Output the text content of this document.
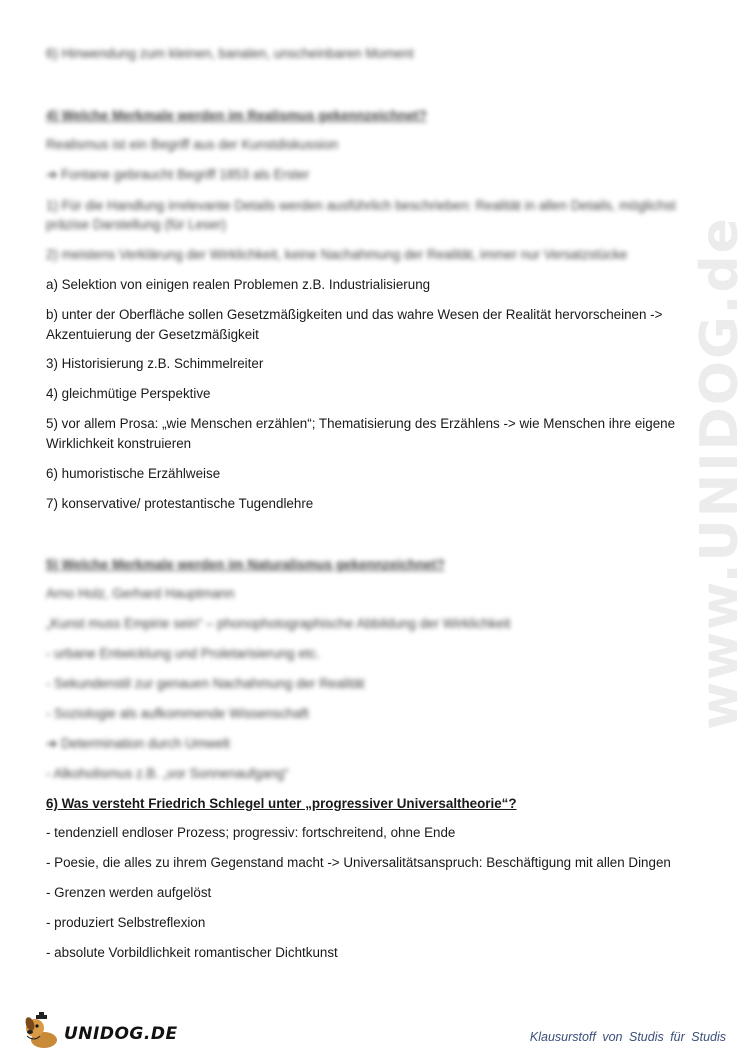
www.UNIDOG.de
6) Hinwendung zum kleinen, banalen, unscheinbaren Moment
4) Welche Merkmale werden im Realismus gekennzeichnet?
Realismus ist ein Begriff aus der Kunstdiskussion
➔ Fontane gebraucht Begriff 1853 als Erster
1) Für die Handlung irrelevante Details werden ausführlich beschrieben: Realität in allen Details, möglichst
präzise Darstellung (für Leser)
2) meistens Verklärung der Wirklichkeit, keine Nachahmung der Realität, immer nur Versatzstücke
a) Selektion von einigen realen Problemen z.B. Industrialisierung
b) unter der Oberfläche sollen Gesetzmäßigkeiten und das wahre Wesen der Realität hervorscheinen -> Akzentuierung der Gesetzmäßigkeit
3) Historisierung z.B. Schimmelreiter
4) gleichmütige Perspektive
5) vor allem Prosa: „wie Menschen erzählen“; Thematisierung des Erzählens -> wie Menschen ihre eigene Wirklichkeit konstruieren
6) humoristische Erzählweise
7) konservative/ protestantische Tugendlehre
5) Welche Merkmale werden im Naturalismus gekennzeichnet?
Arno Holz, Gerhard Hauptmann
„Kunst muss Empirie sein“ – phonophotographische Abbildung der Wirklichkeit
- urbane Entwicklung und Proletarisierung etc.
- Sekundenstil zur genauen Nachahmung der Realität
- Soziologie als aufkommende Wissenschaft
➔ Determination durch Umwelt
- Alkoholismus z.B. „vor Sonnenaufgang“
6) Was versteht Friedrich Schlegel unter „progressiver Universaltheorie“?
- tendenziell endloser Prozess; progressiv: fortschreitend, ohne Ende
- Poesie, die alles zu ihrem Gegenstand macht -> Universalitätsanspruch: Beschäftigung mit allen Dingen
- Grenzen werden aufgelöst
- produziert Selbstreflexion
- absolute Vorbildlichkeit romantischer Dichtkunst
UNIDOG.DE	Klausurstoff von Studis für Studis
